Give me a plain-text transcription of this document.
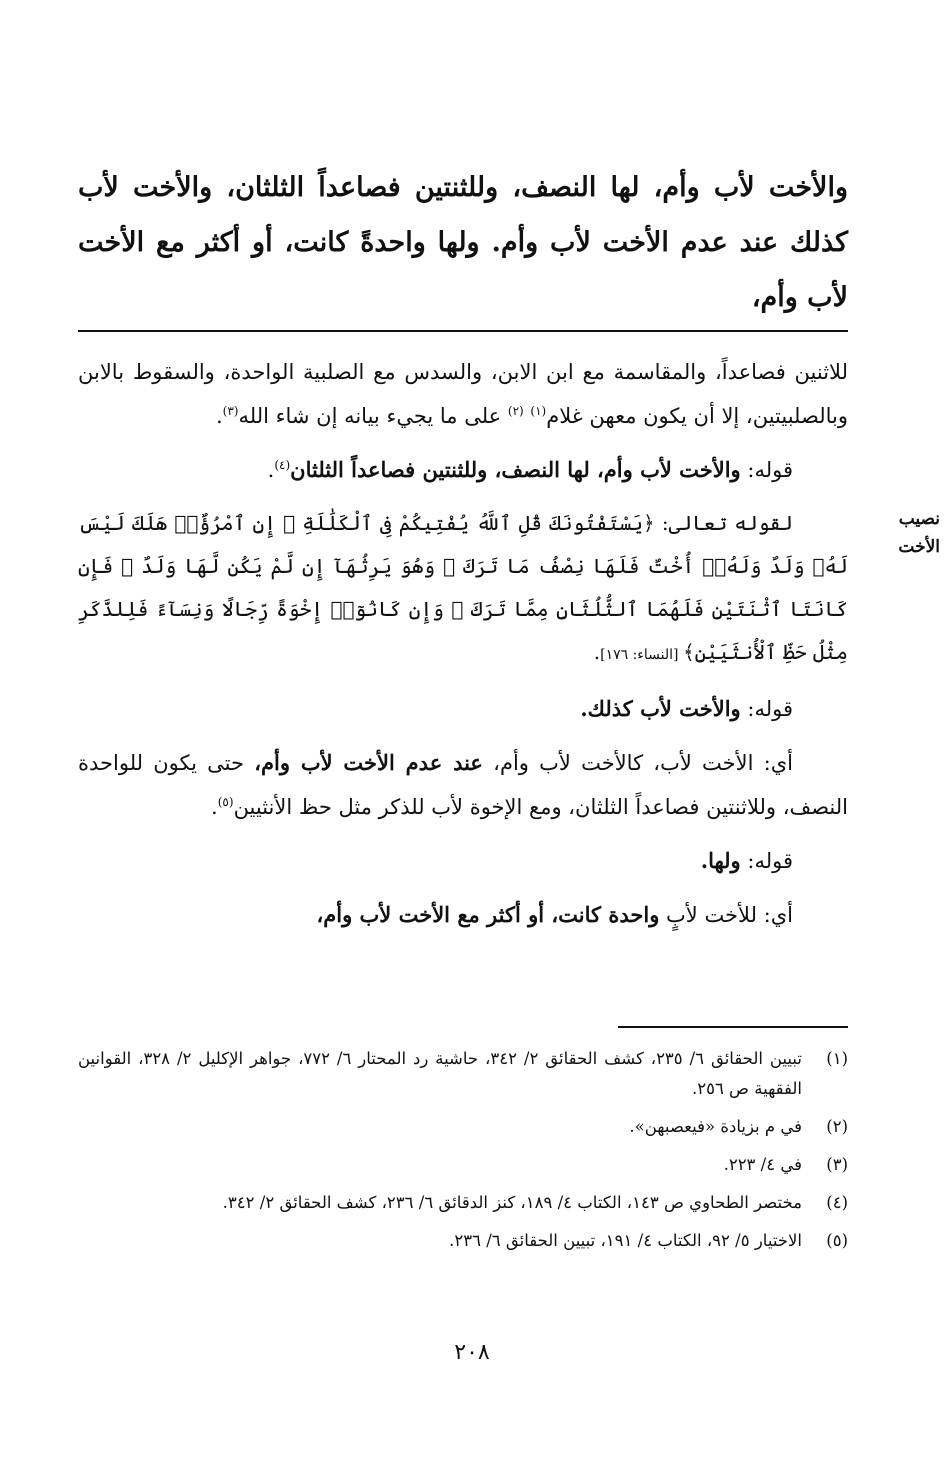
والأخت لأب وأم، لها النصف، وللثنتين فصاعداً الثلثان، والأخت لأب كذلك عند عدم الأخت لأب وأم. ولها واحدةً كانت، أو أكثر مع الأخت لأب وأم،

نصيب
الأخت

للاثنين فصاعداً، والمقاسمة مع ابن الابن، والسدس مع الصلبية الواحدة، والسقوط بالابن وبالصلبيتين، إلا أن يكون معهن غلام$^{(١)}$ $^{(٢)}$ على ما يجيء بيانه إن شاء الله$^{(٣)}$.

قوله: والأخت لأب وأم، لها النصف، وللثنتين فصاعداً الثلثان$^{(٤)}$.

لقوله تعالى: ﴿يَسْتَفْتُونَكَ قُلِ ٱللَّهُ يُفْتِيكُمْ فِى ٱلْكَلَٰلَةِ ۚ إِنِ ٱمْرُؤٌا۟ هَلَكَ لَيْسَ لَهُۥ وَلَدٌ وَلَهُۥٓ أُخْتٌ فَلَهَا نِصْفُ مَا تَرَكَ ۚ وَهُوَ يَرِثُهَآ إِن لَّمْ يَكُن لَّهَا وَلَدٌ ۚ فَإِن كَانَتَا ٱثْنَتَيْنِ فَلَهُمَا ٱلثُّلُثَانِ مِمَّا تَرَكَ ۚ وَإِن كَانُوٓا۟ إِخْوَةً رِّجَالًا وَنِسَآءً فَلِلذَّكَرِ مِثْلُ حَظِّ ٱلْأُنثَيَيْنِ﴾ [النساء: ١٧٦].

قوله: والأخت لأب كذلك.

أي: الأخت لأب، كالأخت لأب وأم، عند عدم الأخت لأب وأم، حتى يكون للواحدة النصف، وللاثنتين فصاعداً الثلثان، ومع الإخوة لأب للذكر مثل حظ الأنثيين$^{(٥)}$.

قوله: ولها.

أي: للأخت لأبٍ واحدة كانت، أو أكثر مع الأخت لأب وأم،

(١)
تبيين الحقائق ٦/ ٢٣٥، كشف الحقائق ٢/ ٣٤٢، حاشية رد المحتار ٦/ ٧٧٢، جواهر الإكليل ٢/ ٣٢٨، القوانين الفقهية ص ٢٥٦.
(٢)
في م بزيادة «فيعصبهن».
(٣)
في ٤/ ٢٢٣.
(٤)
مختصر الطحاوي ص ١٤٣، الكتاب ٤/ ١٨٩، كنز الدقائق ٦/ ٢٣٦، كشف الحقائق ٢/ ٣٤٢.
(٥)
الاختيار ٥/ ٩٢، الكتاب ٤/ ١٩١، تبيين الحقائق ٦/ ٢٣٦.
٢٠٨
